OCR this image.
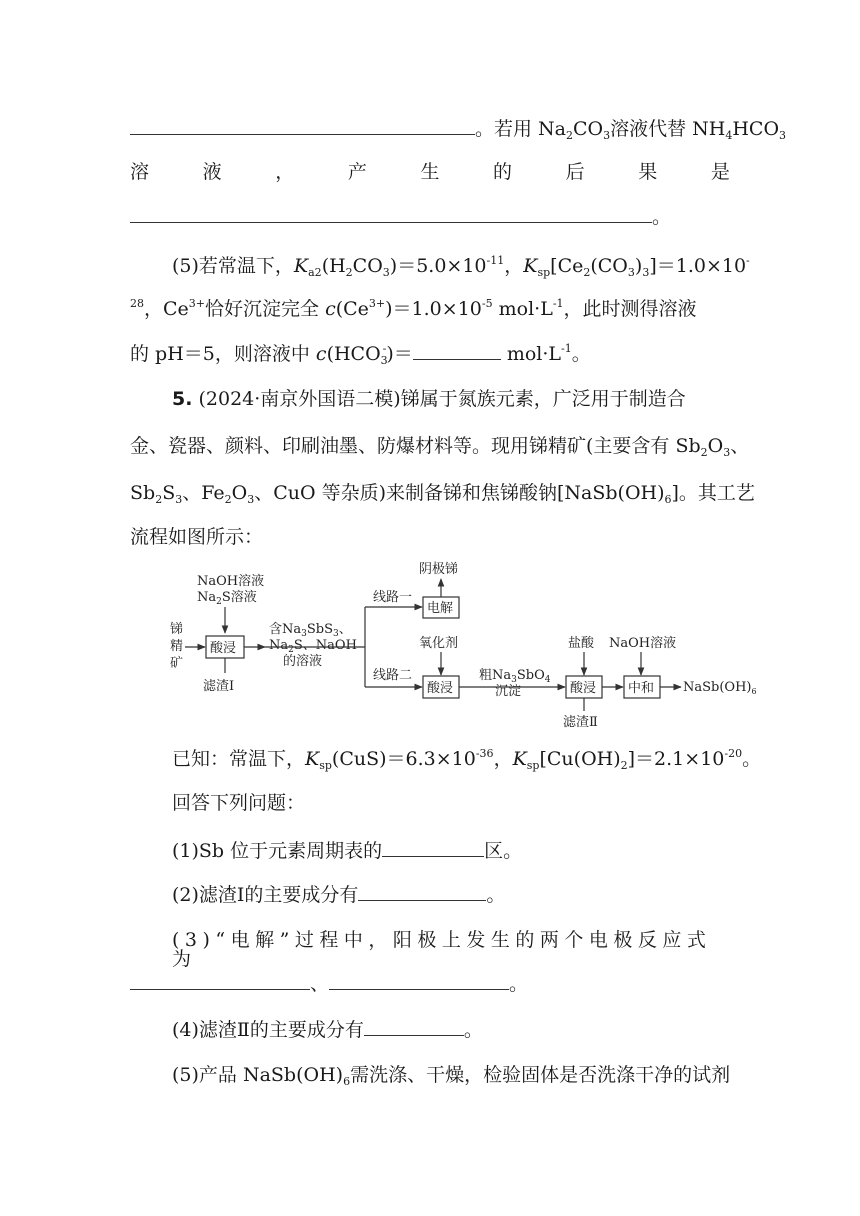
。若用 $Na_2CO_3$溶液代替 $NH_4HCO_3$
溶	液	，	产	生	的	后	果	是
。
(5)若常温下，$K_{a2}(H_2CO_3)=5.0\times 10^{-11}$，$K_{sp}[Ce_2(CO_3)_3]=1.0\times 10^-$
$^{28}$，$Ce^{3+}$恰好沉淀完全 $c(Ce^{3+})=1.0\times 10^{-5}$ $mol\cdot L^{-1}$，此时测得溶液
的 pH＝5，则溶液中 $c(HCO_3^-)=$	$mol\cdot L^{-1}$。
5. (2024·南京外国语二模)锑属于氮族元素，广泛用于制造合
金、瓷器、颜料、印刷油墨、防爆材料等。现用锑精矿(主要含有 $Sb_2O_3$、
$Sb_2S_3$、$Fe_2O_3$、CuO 等杂质)来制备锑和焦锑酸钠$[NaSb(OH)_6]$。其工艺
流程如图所示：
NaOH溶液
$Na_2S$溶液
锑
精
矿
酸浸
滤渣Ⅰ
含$Na_3SbS_3$、
$Na_2S$、NaOH
的溶液
线路一
线路二
阴极锑
电解
氧化剂
酸浸
粗$Na_3SbO_4$
沉淀
盐酸
酸浸
滤渣Ⅱ
NaOH溶液
中和 $NaSb(OH)_6$
已知：常温下，$K_{sp}(CuS)=6.3\times 10^{-36}$，$K_{sp}[Cu(OH)_2]=2.1\times 10^{-20}$。
回答下列问题：
(1)Sb 位于元素周期表的	区。
(2)滤渣Ⅰ的主要成分有	。
(3)“电解”过程中，阳极上发生的两个电极反应式为
、	。
(4)滤渣Ⅱ的主要成分有	。
(5)产品 $NaSb(OH)_6$需洗涤、干燥，检验固体是否洗涤干净的试剂
